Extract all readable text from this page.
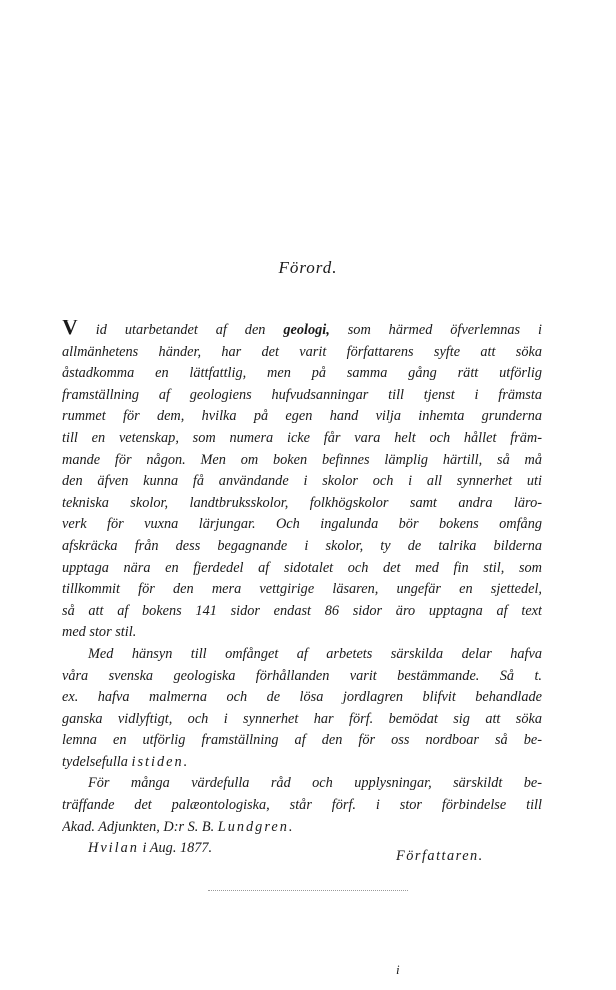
Förord.
V id utarbetandet af den geologi, som härmed öfverlemnas i
allmänhetens händer, har det varit författarens syfte att söka
åstadkomma en lättfattlig, men på samma gång rätt utförlig
framställning af geologiens hufvudsanningar till tjenst i främsta
rummet för dem, hvilka på egen hand vilja inhemta grunderna
till en vetenskap, som numera icke får vara helt och hållet främ-
mande för någon. Men om boken befinnes lämplig härtill, så må
den äfven kunna få användande i skolor och i all synnerhet uti
tekniska skolor, landtbruksskolor, folkhögskolor samt andra läro-
verk för vuxna lärjungar. Och ingalunda bör bokens omfång
afskräcka från dess begagnande i skolor, ty de talrika bilderna
upptaga nära en fjerdedel af sidotalet och det med fin stil, som
tillkommit för den mera vettgirige läsaren, ungefär en sjettedel,
så att af bokens 141 sidor endast 86 sidor äro upptagna af text
med stor stil.
Med hänsyn till omfånget af arbetets särskilda delar hafva
våra svenska geologiska förhållanden varit bestämmande. Så t.
ex. hafva malmerna och de lösa jordlagren blifvit behandlade
ganska vidlyftigt, och i synnerhet har förf. bemödat sig att söka
lemna en utförlig framställning af den för oss nordboar så be-
tydelsefulla istiden.
För många värdefulla råd och upplysningar, särskildt be-
träffande det palæontologiska, står förf. i stor förbindelse till
Akad. Adjunkten, D:r S. B. Lundgren.
Hvilan i Aug. 1877.	Författaren.
i
